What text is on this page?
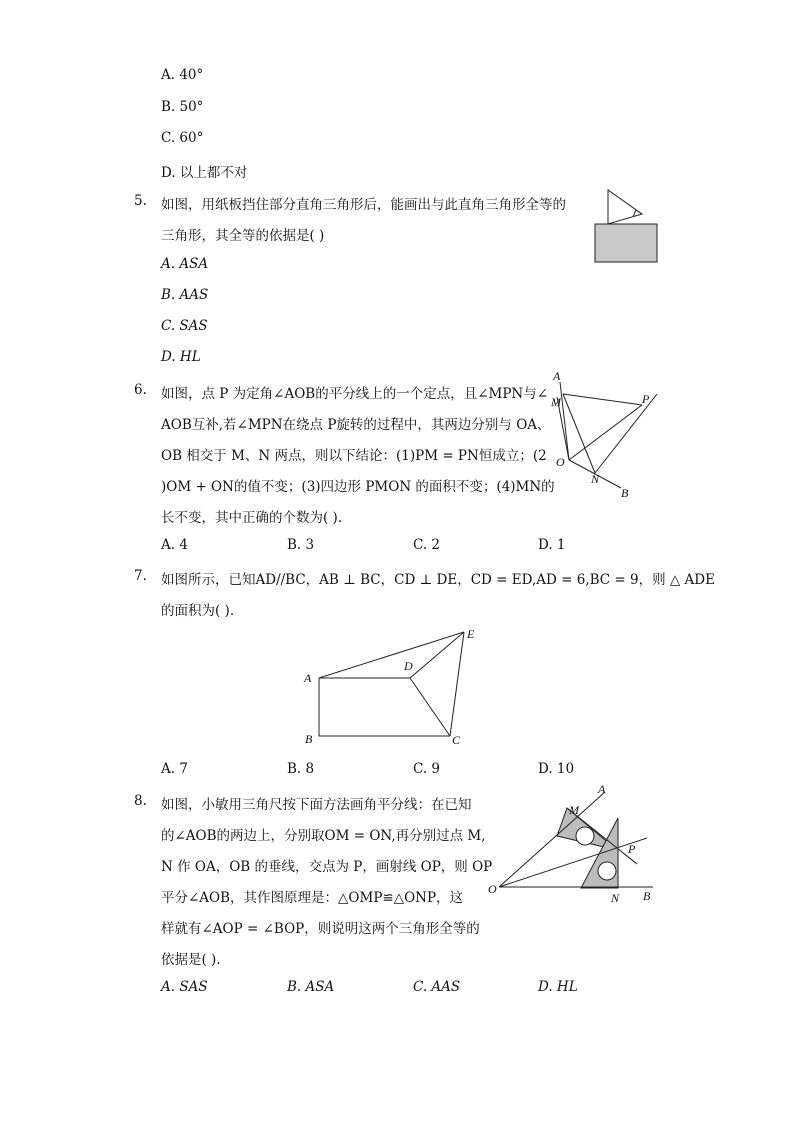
A. 40°
B. 50°
C. 60°
D. 以上都不对
5. 如图，用纸板挡住部分直角三角形后，能画出与此直角三角形全等的
三角形，其全等的依据是( )
A. ASA
B. AAS
C. SAS
D. HL
6. 如图，点 P 为定角∠AOB的平分线上的一个定点，且∠MPN与∠
AOB互补,若∠MPN在绕点 P旋转的过程中，其两边分别与 OA、
OB 相交于 M、N 两点，则以下结论：(1)PM = PN恒成立；(2
)OM + ON的值不变；(3)四边形 PMON 的面积不变；(4)MN的
长不变，其中正确的个数为( ).
A. 4	B. 3	C. 2	D. 1
A
M	P
O
N
B
7. 如图所示，已知AD//BC，AB ⊥ BC，CD ⊥ DE，CD = ED,AD = 6,BC = 9，则 △ ADE
的面积为( ).
A
B	C
D
E
A. 7	B. 8	C. 9	D. 10
8. 如图，小敏用三角尺按下面方法画角平分线：在已知
的∠AOB的两边上，分别取OM = ON,再分别过点 M,
N 作 OA，OB 的垂线，交点为 P，画射线 OP，则 OP
平分∠AOB，其作图原理是：△OMP≌△ONP，这
样就有∠AOP = ∠BOP，则说明这两个三角形全等的
依据是( ).
A. SAS	B. ASA	C. AAS	D. HL
M
A
P
O
N B
